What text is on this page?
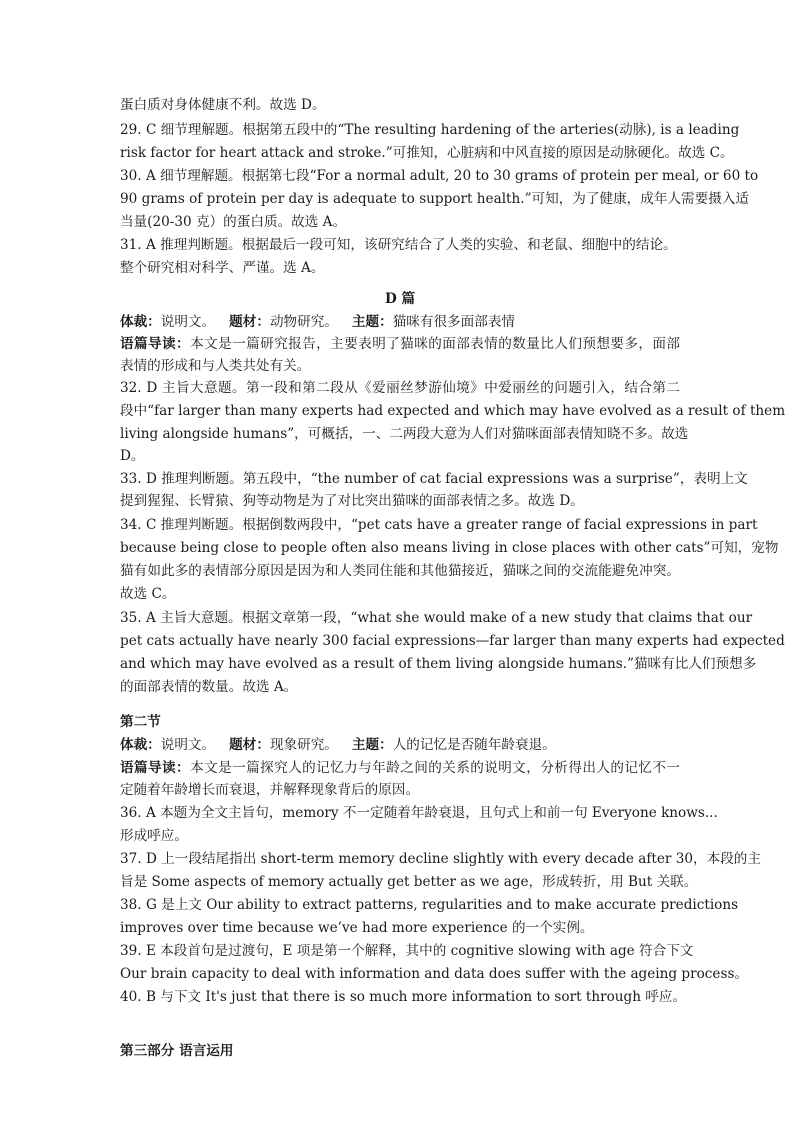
蛋白质对身体健康不利。故选 D。
29. C 细节理解题。根据第五段中的“The resulting hardening of the arteries(动脉), is a leading
risk factor for heart attack and stroke.”可推知，心脏病和中风直接的原因是动脉硬化。故选 C。
30. A 细节理解题。根据第七段“For a normal adult, 20 to 30 grams of protein per meal, or 60 to
90 grams of protein per day is adequate to support health.”可知，为了健康，成年人需要摄入适
当量(20-30 克）的蛋白质。故选 A。
31. A 推理判断题。根据最后一段可知，该研究结合了人类的实验、和老鼠、细胞中的结论。
整个研究相对科学、严谨。选 A。
D 篇
体裁：说明文。 题材：动物研究。 主题：猫咪有很多面部表情
语篇导读：本文是一篇研究报告，主要表明了猫咪的面部表情的数量比人们预想要多，面部
表情的形成和与人类共处有关。
32. D 主旨大意题。第一段和第二段从《爱丽丝梦游仙境》中爱丽丝的问题引入，结合第二
段中“far larger than many experts had expected and which may have evolved as a result of them
living alongside humans”，可概括，一、二两段大意为人们对猫咪面部表情知晓不多。故选
D。
33. D 推理判断题。第五段中，“the number of cat facial expressions was a surprise”，表明上文
提到猩猩、长臂猿、狗等动物是为了对比突出猫咪的面部表情之多。故选 D。
34. C 推理判断题。根据倒数两段中，“pet cats have a greater range of facial expressions in part
because being close to people often also means living in close places with other cats”可知，宠物
猫有如此多的表情部分原因是因为和人类同住能和其他猫接近，猫咪之间的交流能避免冲突。
故选 C。
35. A 主旨大意题。根据文章第一段，“what she would make of a new study that claims that our
pet cats actually have nearly 300 facial expressions—far larger than many experts had expected
and which may have evolved as a result of them living alongside humans.”猫咪有比人们预想多
的面部表情的数量。故选 A。
第二节
体裁：说明文。 题材：现象研究。 主题：人的记忆是否随年龄衰退。
语篇导读：本文是一篇探究人的记忆力与年龄之间的关系的说明文，分析得出人的记忆不一
定随着年龄增长而衰退，并解释现象背后的原因。
36. A 本题为全文主旨句，memory 不一定随着年龄衰退，且句式上和前一句 Everyone knows...
形成呼应。
37. D 上一段结尾指出 short-term memory decline slightly with every decade after 30，本段的主
旨是 Some aspects of memory actually get better as we age，形成转折，用 But 关联。
38. G 是上文 Our ability to extract patterns, regularities and to make accurate predictions
improves over time because we’ve had more experience 的一个实例。
39. E 本段首句是过渡句，E 项是第一个解释，其中的 cognitive slowing with age 符合下文
Our brain capacity to deal with information and data does suffer with the ageing process。
40. B 与下文 It's just that there is so much more information to sort through 呼应。
第三部分 语言运用
